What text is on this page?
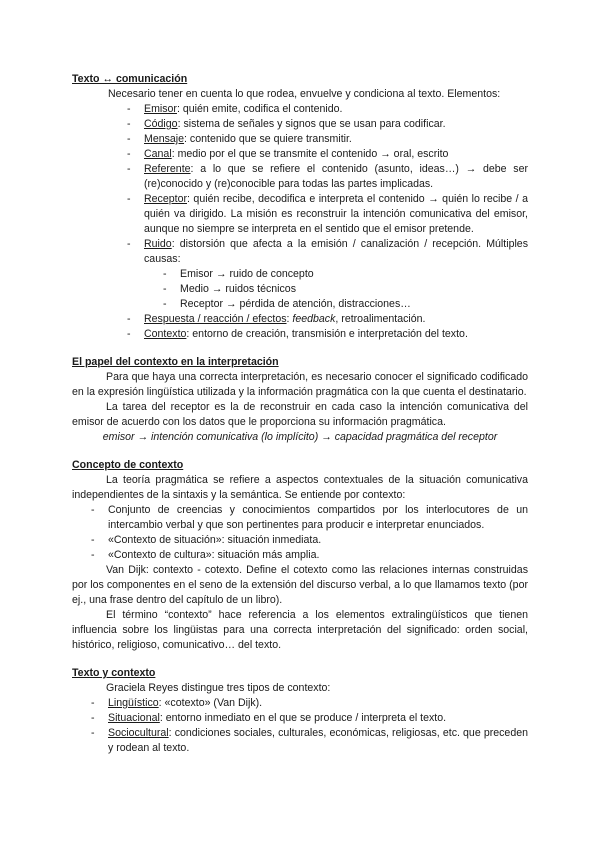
Texto ↔ comunicación

Necesario tener en cuenta lo que rodea, envuelve y condiciona al texto. Elementos:
- Emisor: quién emite, codifica el contenido.
- Código: sistema de señales y signos que se usan para codificar.
- Mensaje: contenido que se quiere transmitir.
- Canal: medio por el que se transmite el contenido → oral, escrito
- Referente: a lo que se refiere el contenido (asunto, ideas…) → debe ser (re)conocido y (re)conocible para todas las partes implicadas.
- Receptor: quién recibe, decodifica e interpreta el contenido → quién lo recibe / a quién va dirigido. La misión es reconstruir la intención comunicativa del emisor, aunque no siempre se interpreta en el sentido que el emisor pretende.
- Ruido: distorsión que afecta a la emisión / canalización / recepción. Múltiples causas:
- Emisor → ruido de concepto
- Medio → ruidos técnicos
- Receptor → pérdida de atención, distracciones…
- Respuesta / reacción / efectos: feedback, retroalimentación.
- Contexto: entorno de creación, transmisión e interpretación del texto.

El papel del contexto en la interpretación

Para que haya una correcta interpretación, es necesario conocer el significado codificado en la expresión lingüística utilizada y la información pragmática con la que cuenta el destinatario.

La tarea del receptor es la de reconstruir en cada caso la intención comunicativa del emisor de acuerdo con los datos que le proporciona su información pragmática.

emisor → intención comunicativa (lo implícito) → capacidad pragmática del receptor

Concepto de contexto

La teoría pragmática se refiere a aspectos contextuales de la situación comunicativa independientes de la sintaxis y la semántica. Se entiende por contexto:

- Conjunto de creencias y conocimientos compartidos por los interlocutores de un intercambio verbal y que son pertinentes para producir e interpretar enunciados.
- «Contexto de situación»: situación inmediata.
- «Contexto de cultura»: situación más amplia.

Van Dijk: contexto - cotexto. Define el cotexto como las relaciones internas construidas por los componentes en el seno de la extensión del discurso verbal, a lo que llamamos texto (por ej., una frase dentro del capítulo de un libro).

El término “contexto” hace referencia a los elementos extralingüísticos que tienen influencia sobre los lingüistas para una correcta interpretación del significado: orden social, histórico, religioso, comunicativo… del texto.

Texto y contexto

Graciela Reyes distingue tres tipos de contexto:

- Lingüístico: «cotexto» (Van Dijk).
- Situacional: entorno inmediato en el que se produce / interpreta el texto.
- Sociocultural: condiciones sociales, culturales, económicas, religiosas, etc. que preceden y rodean al texto.
